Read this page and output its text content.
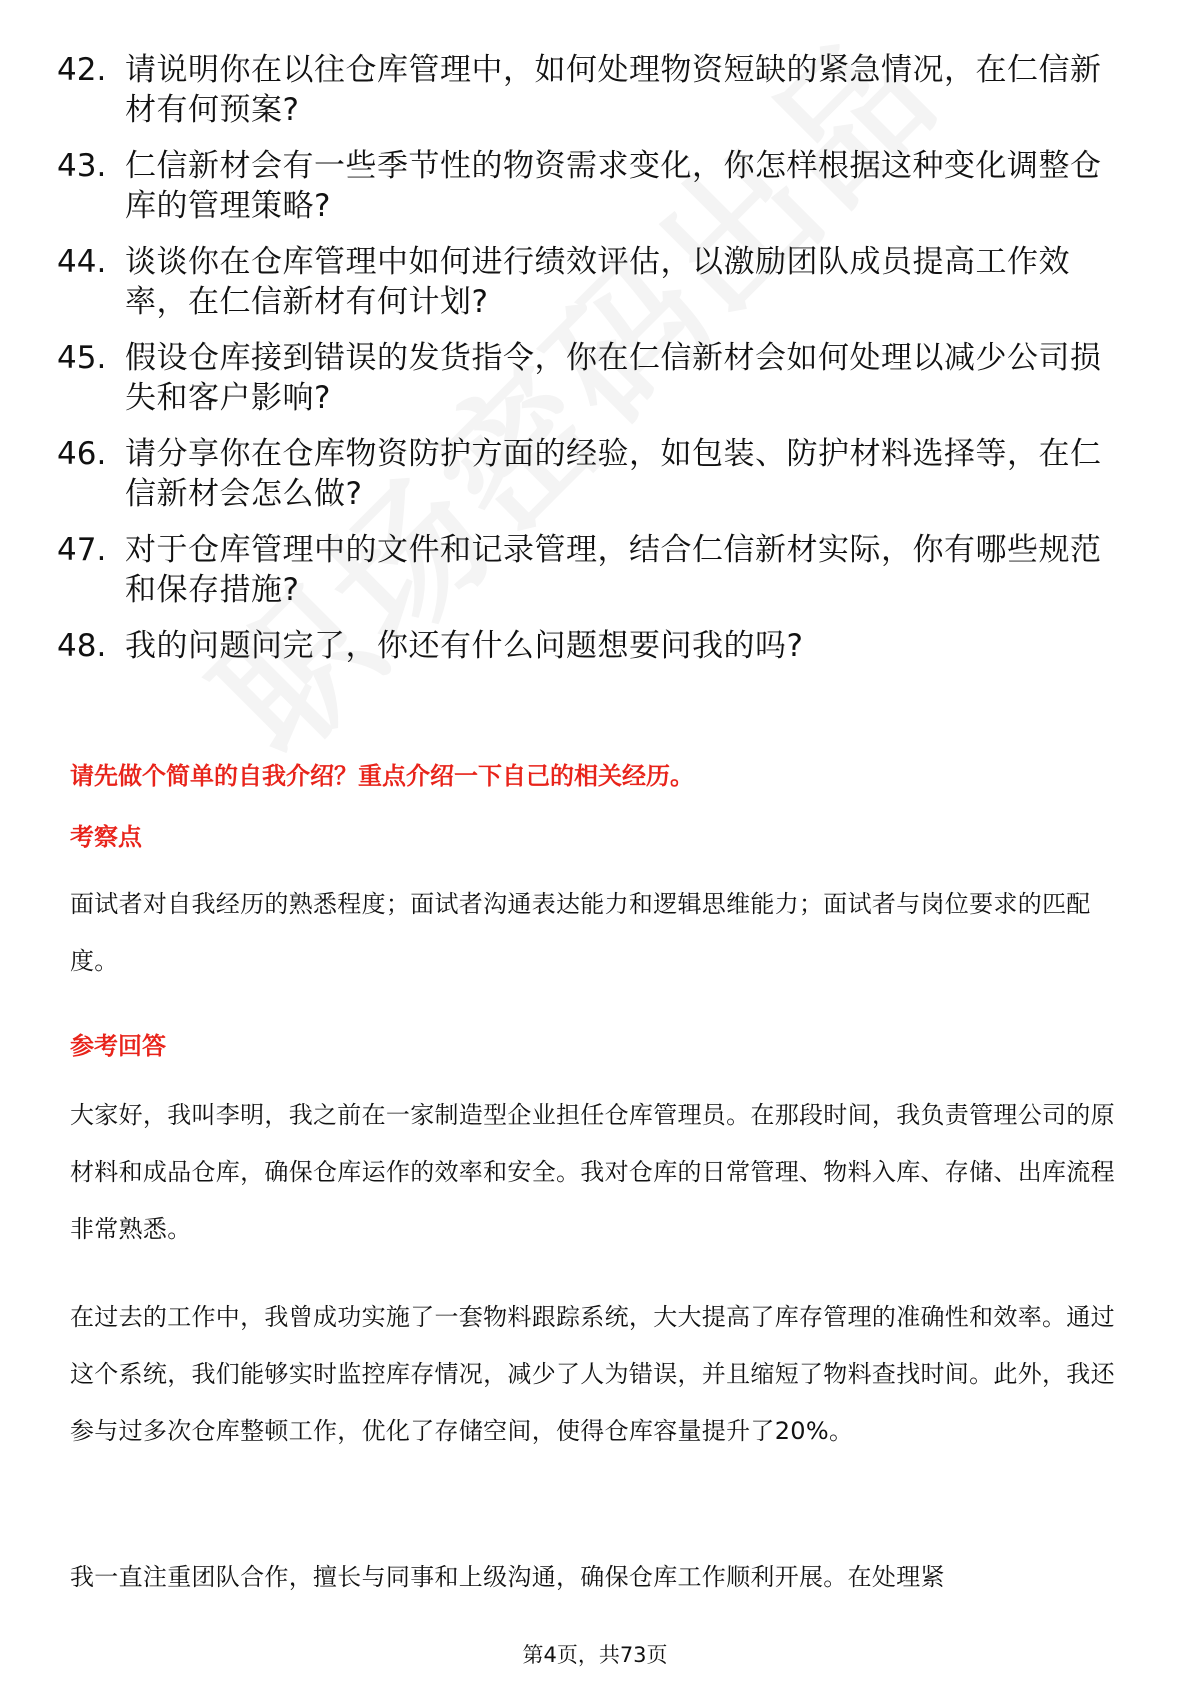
42. 请说明你在以往仓库管理中，如何处理物资短缺的紧急情况，在仁信新材有何预案?
43. 仁信新材会有一些季节性的物资需求变化，你怎样根据这种变化调整仓库的管理策略?
44. 谈谈你在仓库管理中如何进行绩效评估，以激励团队成员提高工作效率，在仁信新材有何计划?
45. 假设仓库接到错误的发货指令，你在仁信新材会如何处理以减少公司损失和客户影响?
46. 请分享你在仓库物资防护方面的经验，如包装、防护材料选择等，在仁信新材会怎么做?
47. 对于仓库管理中的文件和记录管理，结合仁信新材实际，你有哪些规范和保存措施?
48. 我的问题问完了，你还有什么问题想要问我的吗?
请先做个简单的自我介绍？重点介绍一下自己的相关经历。
考察点
面试者对自我经历的熟悉程度；面试者沟通表达能力和逻辑思维能力；面试者与岗位要求的匹配度。
参考回答
大家好，我叫李明，我之前在一家制造型企业担任仓库管理员。在那段时间，我负责管理公司的原材料和成品仓库，确保仓库运作的效率和安全。我对仓库的日常管理、物料入库、存储、出库流程非常熟悉。
在过去的工作中，我曾成功实施了一套物料跟踪系统，大大提高了库存管理的准确性和效率。通过这个系统，我们能够实时监控库存情况，减少了人为错误，并且缩短了物料查找时间。此外，我还参与过多次仓库整顿工作，优化了存储空间，使得仓库容量提升了20%。
我一直注重团队合作，擅长与同事和上级沟通，确保仓库工作顺利开展。在处理紧
第4页，共73页
